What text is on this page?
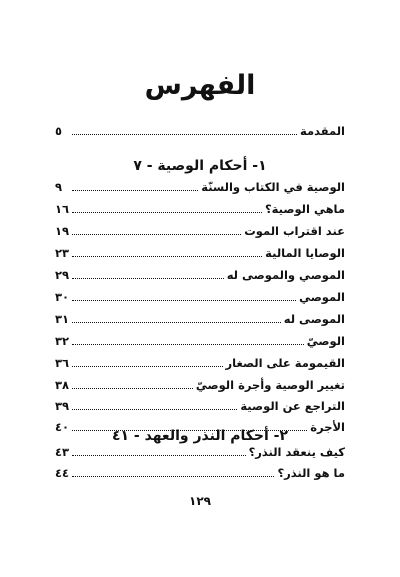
الفهرس
المقدمة
٥
١- أحكام الوصية - ٧
الوصية في الكتاب والسنّة
٩
ماهي الوصية؟
١٦
عند اقتراب الموت
١٩
الوصايا المالية
٢٣
الموصي والموصى له
٢٩
الموصي
٣٠
الموصى له
٣١
الوصيّ
٣٢
القيمومة على الصغار
٣٦
تغيير الوصية وأجرة الوصيّ
٣٨
التراجع عن الوصية
٣٩
الأجرة
٤٠
٢- أحكام النذر والعهد - ٤١
كيف ينعقد النذر؟
٤٣
ما هو النذر؟
٤٤
١٢٩
